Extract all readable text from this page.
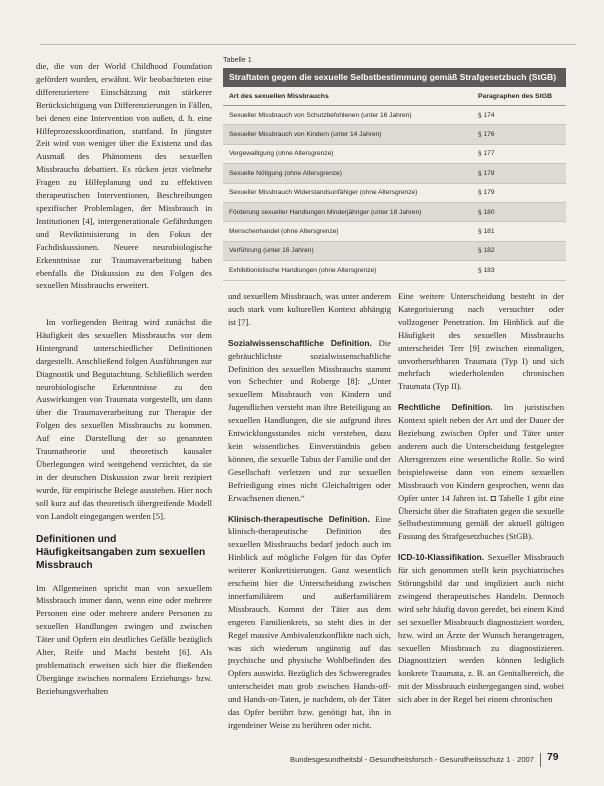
die, die von der World Childhood Foundation gefördert wurden, erwähnt. Wir beobachteten eine differenziertere Einschätzung mit stärkerer Berücksichtigung von Differenzierungen in Fällen, bei denen eine Intervention von außen, d. h. eine Hilfeprozesskoordination, stattfand. In jüngster Zeit wird von weniger über die Existenz und das Ausmaß des Phänomens des sexuellen Missbrauchs debattiert. Es rücken jetzt vielmehr Fragen zu Hilfeplanung und zu effektiven therapeutischen Interventionen, Beschreibungen spezifischer Problemlagen, der Missbrauch in Institutionen [4], intergenerationale Gefährdungen und Reviktimisierung in den Fokus der Fachdiskussionen. Neuere neurobiologische Erkenntnisse zur Traumaverarbeitung haben ebenfalls die Diskussion zu den Folgen des sexuellen Missbrauchs erweitert.

Im vorliegenden Beitrag wird zunächst die Häufigkeit des sexuellen Missbrauchs vor dem Hintergrund unterschiedlicher Definitionen dargestellt. Anschließend folgen Ausführungen zur Diagnostik und Begutachtung. Schließlich werden neurobiologische Erkenntnisse zu den Auswirkungen von Traumata vorgestellt, um dann über die Traumaverarbeitung zur Therapie der Folgen des sexuellen Missbrauchs zu kommen. Auf eine Darstellung der so genannten Traumatheorie und theoretisch kausaler Überlegungen wird weitgehend verzichtet, da sie in der deutschen Diskussion zwar breit rezipiert wurde, für empirische Belege ausstehen. Hier noch soll kurz auf das theoretisch übergreifende Modell von Landolt eingegangen werden [5].

Definitionen und Häufigkeitsangaben zum sexuellen Missbrauch

Im Allgemeinen spricht man von sexuellem Missbrauch immer dann, wenn eine oder mehrere Personen eine oder mehrere andere Personen zu sexuellen Handlungen zwingen und zwischen Täter und Opfern ein deutliches Gefälle bezüglich Alter, Reife und Macht besteht [6]. Als problematisch erweisen sich hier die fließenden Übergänge zwischen normalem Erziehungs- bzw. Beziehungsverhalten

Tabelle 1
Straftaten gegen die sexuelle Selbstbestimmung gemäß Strafgesetzbuch (StGB)
Art des sexuellen Missbrauchs	Paragraphen des StGB
Sexueller Missbrauch von Schutzbefohlenen (unter 16 Jahren)	§ 174
Sexueller Missbrauch von Kindern (unter 14 Jahren)	§ 176
Vergewaltigung (ohne Altersgrenze)	§ 177
Sexuelle Nötigung (ohne Altersgrenze)	§ 178
Sexueller Missbrauch Widerstandsunfähiger (ohne Altersgrenze)	§ 179
Förderung sexueller Handlungen Minderjähriger (unter 18 Jahren)	§ 180
Menschenhandel (ohne Altersgrenze)	§ 181
Verführung (unter 16 Jahren)	§ 182
Exhibitionistische Handlungen (ohne Altersgrenze)	§ 183

und sexuellem Missbrauch, was unter anderem auch stark vom kulturellen Kontext abhängig ist [7].

Sozialwissenschaftliche Definition. Die gebräuchlichste sozialwissenschaftliche Definition des sexuellen Missbrauchs stammt von Schechter und Roberge [8]: „Unter sexuellem Missbrauch von Kindern und Jugendlichen versteht man ihre Beteiligung an sexuellen Handlungen, die sie aufgrund ihres Entwicklungsstandes nicht verstehen, dazu kein wissentliches Einverständnis geben können, die sexuelle Tabus der Familie und der Gesellschaft verletzen und zur sexuellen Befriedigung eines nicht Gleichaltrigen oder Erwachsenen dienen.“

Klinisch-therapeutische Definition. Eine klinisch-therapeutische Definition des sexuellen Missbrauchs bedarf jedoch auch im Hinblick auf mögliche Folgen für das Opfer weiterer Konkretisierungen. Ganz wesentlich erscheint hier die Unterscheidung zwischen innerfamiliärem und außerfamiliärem Missbrauch. Kommt der Täter aus dem engeren Familienkreis, so steht dies in der Regel massive Ambivalenzkonflikte nach sich, was sich wiederum ungünstig auf das psychische und physische Wohlbefinden des Opfers auswirkt. Bezüglich des Schweregrades unterscheidet man grob zwischen Hands-off- und Hands-on-Taten, je nachdem, ob der Täter das Opfer berührt bzw. genötigt hat, ihn in irgendeiner Weise zu berühren oder nicht.

Eine weitere Unterscheidung besteht in der Kategorisierung nach versuchter oder vollzogener Penetration. Im Hinblick auf die Häufigkeit des sexuellen Missbrauchs unterscheidet Terr [9] zwischen einmaligen, unvorhersehbaren Traumata (Typ I) und sich mehrfach wiederholenden chronischen Traumata (Typ II).

Rechtliche Definition. Im juristischen Kontext spielt neben der Art und der Dauer der Beziehung zwischen Opfer und Täter unter anderem auch die Unterscheidung festgelegter Altersgrenzen eine wesentliche Rolle. So wird beispielsweise dann von einem sexuellen Missbrauch von Kindern gesprochen, wenn das Opfer unter 14 Jahren ist. ◘ Tabelle 1 gibt eine Übersicht über die Straftaten gegen die sexuelle Selbstbestimmung gemäß der aktuell gültigen Fassung des Strafgesetzbuches (StGB).

ICD-10-Klassifikation. Sexueller Missbrauch für sich genommen stellt kein psychiatrisches Störungsbild dar und impliziert auch nicht zwingend therapeutisches Handeln. Dennoch wird sehr häufig davon geredet, bei einem Kind sei sexueller Missbrauch diagnostiziert worden, bzw. wird an Ärzte der Wunsch herangetragen, sexuellen Missbrauch zu diagnostizieren. Diagnostiziert werden können lediglich konkrete Traumata, z. B. an Genitalbereich, die mit der Missbrauch einhergegangen sind, wobei sich aber in der Regel bei einem chronischen

Bundesgesundheitsbl - Gesundheitsforsch - Gesundheitsschutz 1 · 2007 79
